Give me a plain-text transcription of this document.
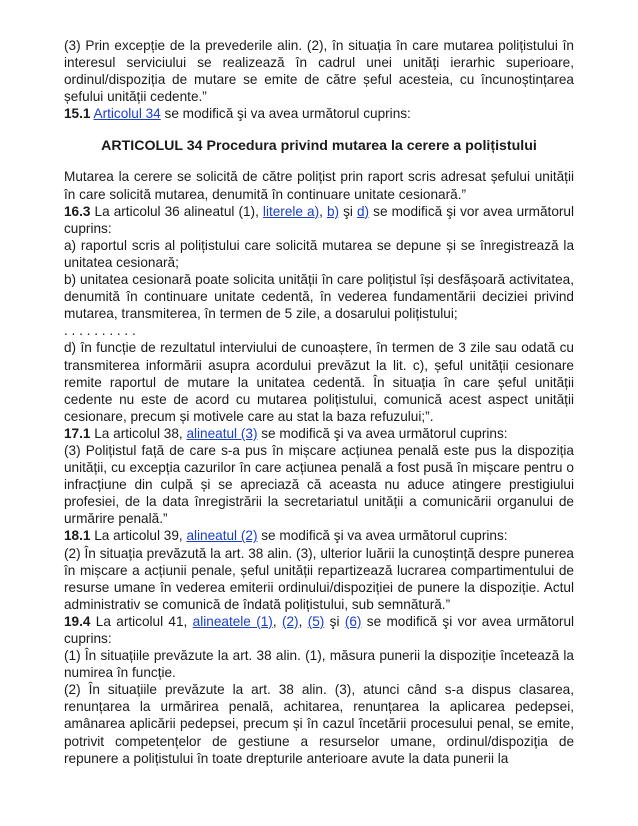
(3) Prin excepție de la prevederile alin. (2), în situația în care mutarea polițistului în interesul serviciului se realizează în cadrul unei unități ierarhic superioare, ordinul/dispoziția de mutare se emite de către șeful acesteia, cu încunoștințarea șefului unității cedente.”

15.1 Articolul 34 se modifică şi va avea următorul cuprins:

ARTICOLUL 34 Procedura privind mutarea la cerere a polițistului

Mutarea la cerere se solicită de către polițist prin raport scris adresat șefului unității în care solicită mutarea, denumită în continuare unitate cesionară.”

16.3 La articolul 36 alineatul (1), literele a), b) şi d) se modifică şi vor avea următorul cuprins:

a) raportul scris al polițistului care solicită mutarea se depune și se înregistrează la unitatea cesionară;

b) unitatea cesionară poate solicita unității în care polițistul își desfășoară activitatea, denumită în continuare unitate cedentă, în vederea fundamentării deciziei privind mutarea, transmiterea, în termen de 5 zile, a dosarului polițistului;

. . . . . . . . . .

d) în funcție de rezultatul interviului de cunoaștere, în termen de 3 zile sau odată cu transmiterea informării asupra acordului prevăzut la lit. c), șeful unității cesionare remite raportul de mutare la unitatea cedentă. În situația în care șeful unității cedente nu este de acord cu mutarea polițistului, comunică acest aspect unității cesionare, precum și motivele care au stat la baza refuzului;”.

17.1 La articolul 38, alineatul (3) se modifică şi va avea următorul cuprins:

(3) Polițistul față de care s-a pus în mișcare acțiunea penală este pus la dispoziția unității, cu excepția cazurilor în care acțiunea penală a fost pusă în mișcare pentru o infracțiune din culpă și se apreciază că aceasta nu aduce atingere prestigiului profesiei, de la data înregistrării la secretariatul unității a comunicării organului de urmărire penală.”

18.1 La articolul 39, alineatul (2) se modifică şi va avea următorul cuprins:

(2) În situația prevăzută la art. 38 alin. (3), ulterior luării la cunoștință despre punerea în mișcare a acțiunii penale, șeful unității repartizează lucrarea compartimentului de resurse umane în vederea emiterii ordinului/dispoziției de punere la dispoziție. Actul administrativ se comunică de îndată polițistului, sub semnătură.”

19.4 La articolul 41, alineatele (1), (2), (5) şi (6) se modifică şi vor avea următorul cuprins:

(1) În situațiile prevăzute la art. 38 alin. (1), măsura punerii la dispoziție încetează la numirea în funcție.

(2) În situațiile prevăzute la art. 38 alin. (3), atunci când s-a dispus clasarea, renunțarea la urmărirea penală, achitarea, renunțarea la aplicarea pedepsei, amânarea aplicării pedepsei, precum și în cazul încetării procesului penal, se emite, potrivit competențelor de gestiune a resurselor umane, ordinul/dispoziția de repunere a polițistului în toate drepturile anterioare avute la data punerii la
